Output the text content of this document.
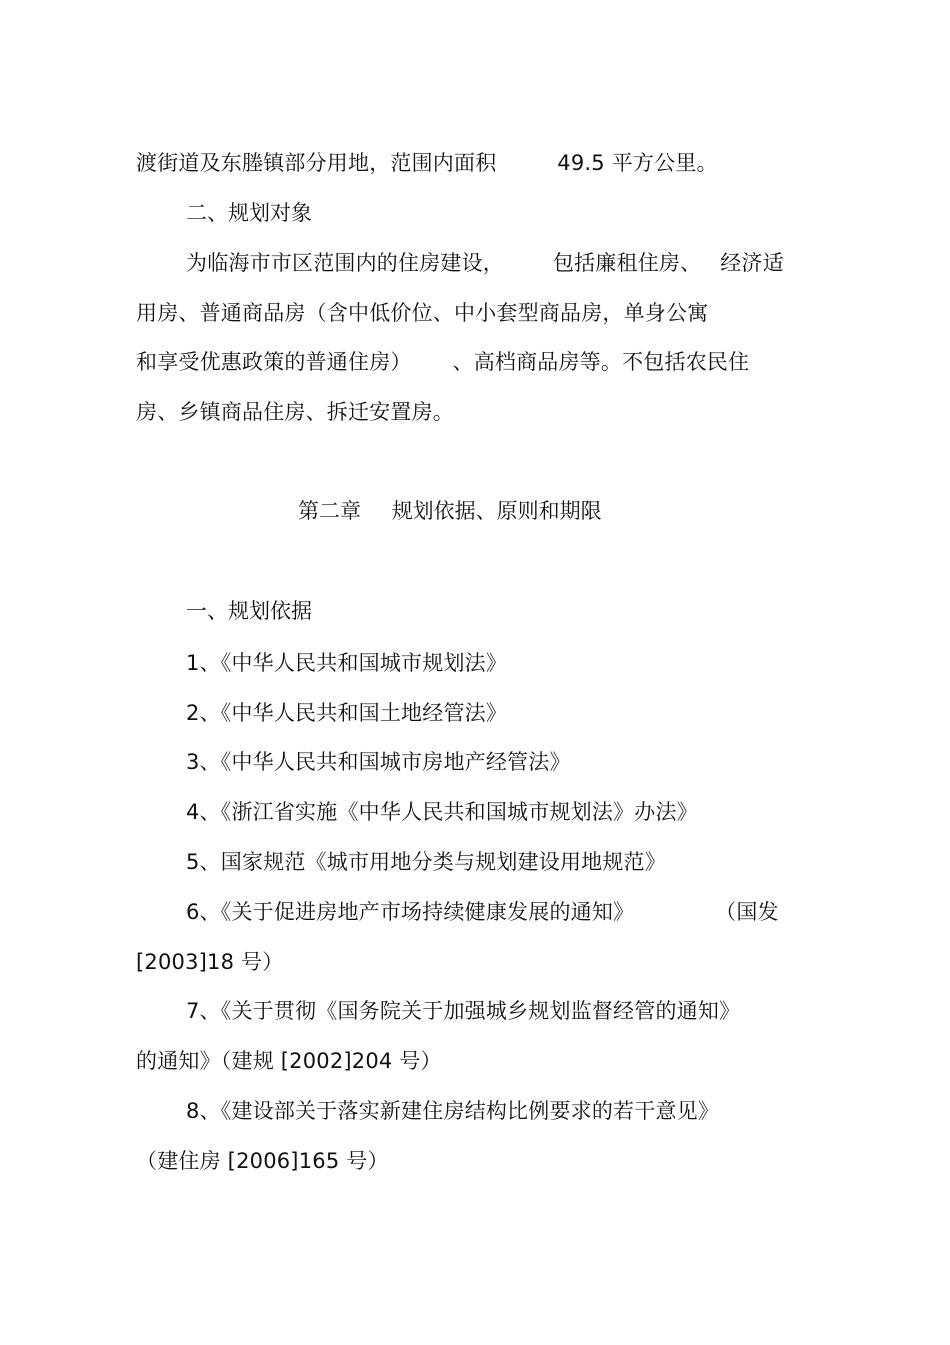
渡街道及东塍镇部分用地，范围内面积	49.5 平方公里。
二、规划对象
为临海市市区范围内的住房建设， 包括廉租住房、 经济适
用房、普通商品房（含中低价位、中小套型商品房，单身公寓
和享受优惠政策的普通住房） 、高档商品房等。不包括农民住
房、乡镇商品住房、拆迁安置房。
第二章 规划依据、原则和期限
一、规划依据
1、《中华人民共和国城市规划法》
2、《中华人民共和国土地经管法》
3、《中华人民共和国城市房地产经管法》
4、《浙江省实施《中华人民共和国城市规划法》办法》
5、国家规范《城市用地分类与规划建设用地规范》
6、《关于促进房地产市场持续健康发展的通知》	（国发
[2003]18 号）
7、《关于贯彻《国务院关于加强城乡规划监督经管的通知》
的通知》（建规 [2002]204 号）
8、《建设部关于落实新建住房结构比例要求的若干意见》
（建住房 [2006]165 号）
